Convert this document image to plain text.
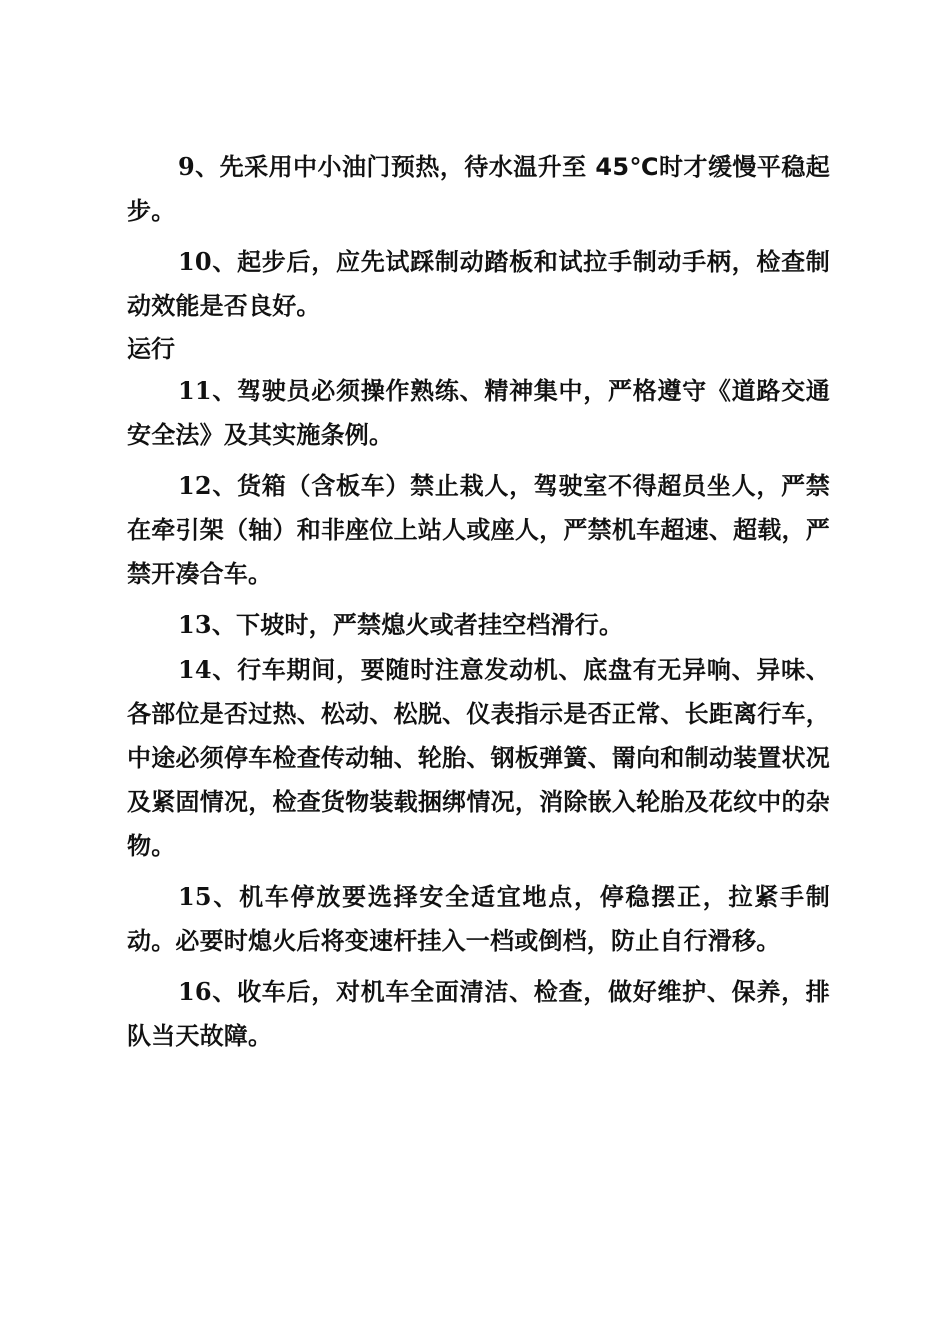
9、先采用中小油门预热，待水温升至 45℃时才缓慢平稳起步。

10、起步后，应先试踩制动踏板和试拉手制动手柄，检查制动效能是否良好。

运行

11、驾驶员必须操作熟练、精神集中，严格遵守《道路交通安全法》及其实施条例。

12、货箱（含板车）禁止栽人，驾驶室不得超员坐人，严禁在牵引架（轴）和非座位上站人或座人，严禁机车超速、超载，严禁开凑合车。

13、下坡时，严禁熄火或者挂空档滑行。

14、行车期间，要随时注意发动机、底盘有无异响、异味、各部位是否过热、松动、松脱、仪表指示是否正常、长距离行车，中途必须停车检查传动轴、轮胎、钢板弹簧、罱向和制动装置状况及紧固情况，检查货物装载捆绑情况，消除嵌入轮胎及花纹中的杂物。

15、机车停放要选择安全适宜地点，停稳摆正，拉紧手制动。必要时熄火后将变速杆挂入一档或倒档，防止自行滑移。

16、收车后，对机车全面清洁、检查，做好维护、保养，排队当天故障。
